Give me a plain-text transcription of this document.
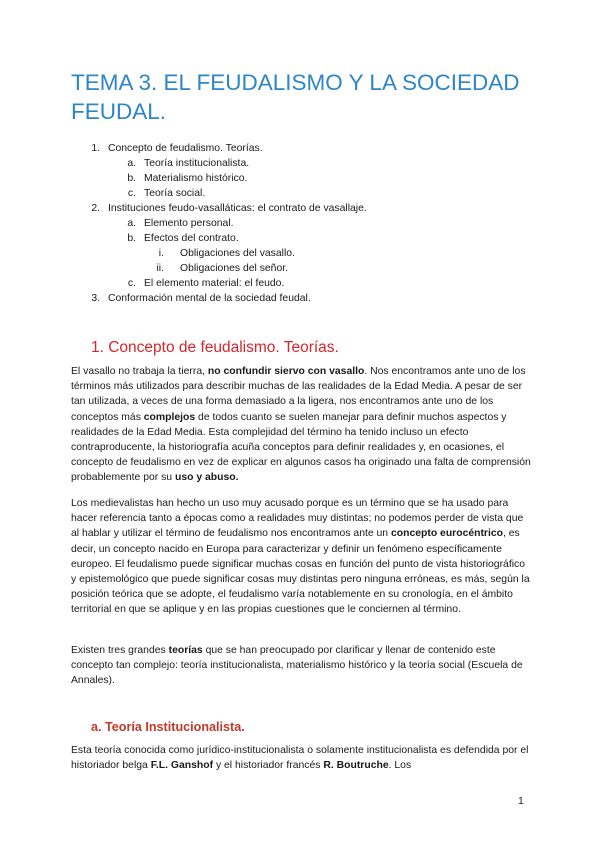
TEMA 3. EL FEUDALISMO Y LA SOCIEDAD FEUDAL.
1. Concepto de feudalismo. Teorías.
a. Teoría institucionalista.
b. Materialismo histórico.
c. Teoría social.
2. Instituciones feudo-vasalláticas: el contrato de vasallaje.
a. Elemento personal.
b. Efectos del contrato.
i. Obligaciones del vasallo.
ii. Obligaciones del señor.
c. El elemento material: el feudo.
3. Conformación mental de la sociedad feudal.
1. Concepto de feudalismo. Teorías.

El vasallo no trabaja la tierra, no confundir siervo con vasallo. Nos encontramos ante uno de los términos más utilizados para describir muchas de las realidades de la Edad Media. A pesar de ser tan utilizada, a veces de una forma demasiado a la ligera, nos encontramos ante uno de los conceptos más complejos de todos cuanto se suelen manejar para definir muchos aspectos y realidades de la Edad Media. Esta complejidad del término ha tenido incluso un efecto contraproducente, la historiografía acuña conceptos para definir realidades y, en ocasiones, el concepto de feudalismo en vez de explicar en algunos casos ha originado una falta de comprensión probablemente por su uso y abuso.

Los medievalistas han hecho un uso muy acusado porque es un término que se ha usado para hacer referencia tanto a épocas como a realidades muy distintas; no podemos perder de vista que al hablar y utilizar el término de feudalismo nos encontramos ante un concepto eurocéntrico, es decir, un concepto nacido en Europa para caracterizar y definir un fenómeno específicamente europeo. El feudalismo puede significar muchas cosas en función del punto de vista historiográfico y epistemológico que puede significar cosas muy distintas pero ninguna erróneas, es más, según la posición teórica que se adopte, el feudalismo varía notablemente en su cronología, en el ámbito territorial en que se aplique y en las propias cuestiones que le conciernen al término.

Existen tres grandes teorías que se han preocupado por clarificar y llenar de contenido este concepto tan complejo: teoría institucionalista, materialismo histórico y la teoría social (Escuela de Annales).

a. Teoría Institucionalista.

Esta teoría conocida como jurídico-institucionalista o solamente institucionalista es defendida por el historiador belga F.L. Ganshof y el historiador francés R. Boutruche. Los

1
